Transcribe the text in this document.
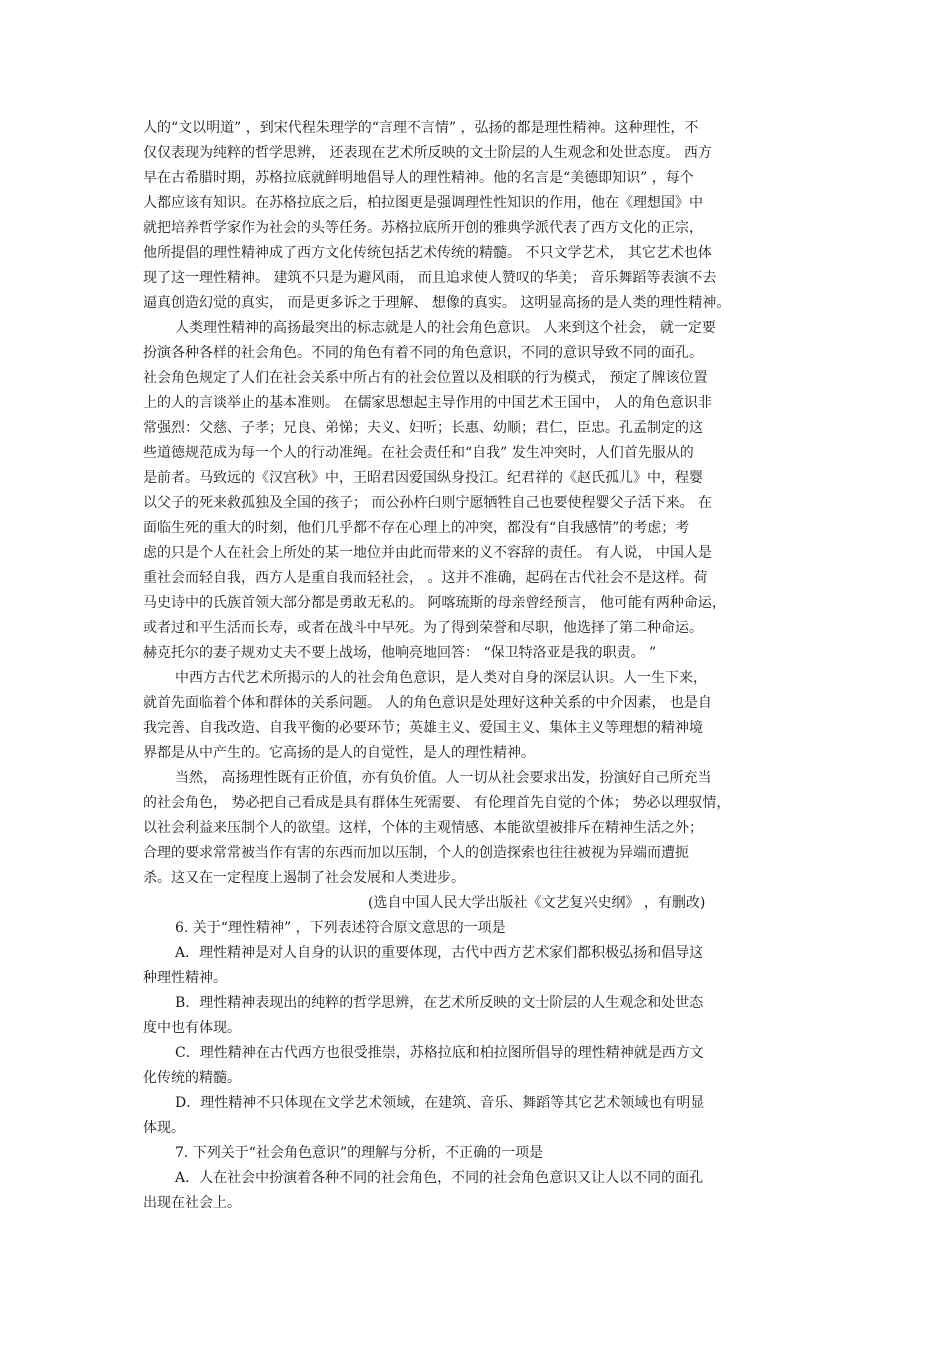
人的“文以明道” ，到宋代程朱理学的“言理不言情” ，弘扬的都是理性精神。这种理性，不
仅仅表现为纯粹的哲学思辨， 还表现在艺术所反映的文士阶层的人生观念和处世态度。 西方
早在古希腊时期，苏格拉底就鲜明地倡导人的理性精神。他的名言是“美德即知识” ，每个
人都应该有知识。在苏格拉底之后，柏拉图更是强调理性性知识的作用，他在《理想国》中
就把培养哲学家作为社会的头等任务。苏格拉底所开创的雅典学派代表了西方文化的正宗，
他所提倡的理性精神成了西方文化传统包括艺术传统的精髓。 不只文学艺术， 其它艺术也体
现了这一理性精神。 建筑不只是为避风雨， 而且追求使人赞叹的华美； 音乐舞蹈等表演不去
逼真创造幻觉的真实， 而是更多诉之于理解、 想像的真实。 这明显高扬的是人类的理性精神。
人类理性精神的高扬最突出的标志就是人的社会角色意识。 人来到这个社会， 就一定要
扮演各种各样的社会角色。不同的角色有着不同的角色意识，不同的意识导致不同的面孔。
社会角色规定了人们在社会关系中所占有的社会位置以及相联的行为模式， 预定了牌该位置
上的人的言谈举止的基本准则。 在儒家思想起主导作用的中国艺术王国中， 人的角色意识非
常强烈：父慈、子孝；兄良、弟悌；夫义、妇听；长惠、幼顺；君仁，臣忠。孔孟制定的这
些道德规范成为每一个人的行动准绳。在社会责任和“自我” 发生冲突时，人们首先服从的
是前者。马致远的《汉宫秋》中，王昭君因爱国纵身投江。纪君祥的《赵氏孤儿》中，程婴
以父子的死来救孤独及全国的孩子； 而公孙杵臼则宁愿牺牲自己也要使程婴父子活下来。 在
面临生死的重大的时刻，他们几乎都不存在心理上的冲突，都没有“自我感情”的考虑；考
虑的只是个人在社会上所处的某一地位并由此而带来的义不容辞的责任。 有人说， 中国人是
重社会而轻自我，西方人是重自我而轻社会， 。这并不准确，起码在古代社会不是这样。荷
马史诗中的氏族首领大部分都是勇敢无私的。 阿喀琉斯的母亲曾经预言， 他可能有两种命运，
或者过和平生活而长寿，或者在战斗中早死。为了得到荣誉和尽职，他选择了第二种命运。
赫克托尔的妻子规劝丈夫不要上战场，他响亮地回答： “保卫特洛亚是我的职责。 ”
中西方古代艺术所揭示的人的社会角色意识，是人类对自身的深层认识。人一生下来，
就首先面临着个体和群体的关系问题。 人的角色意识是处理好这种关系的中介因素， 也是自
我完善、自我改造、自我平衡的必要环节；英雄主义、爱国主义、集体主义等理想的精神境
界都是从中产生的。它高扬的是人的自觉性，是人的理性精神。
当然， 高扬理性既有正价值，亦有负价值。人一切从社会要求出发，扮演好自己所充当
的社会角色， 势必把自己看成是具有群体生死需要、 有伦理首先自觉的个体； 势必以理驭情，
以社会利益来压制个人的欲望。这样，个体的主观情感、本能欲望被排斥在精神生活之外；
合理的要求常常被当作有害的东西而加以压制，个人的创造探索也往往被视为异端而遭扼
杀。这又在一定程度上遏制了社会发展和人类进步。
(选自中国人民大学出版社《文艺复兴史纲》 ，有删改)
6. 关于“理性精神” ，下列表述符合原文意思的一项是
A．理性精神是对人自身的认识的重要体现，古代中西方艺术家们都积极弘扬和倡导这
种理性精神。
B．理性精神表现出的纯粹的哲学思辨，在艺术所反映的文士阶层的人生观念和处世态
度中也有体现。
C．理性精神在古代西方也很受推崇，苏格拉底和柏拉图所倡导的理性精神就是西方文
化传统的精髓。
D．理性精神不只体现在文学艺术领域，在建筑、音乐、舞蹈等其它艺术领域也有明显
体现。
7. 下列关于“社会角色意识”的理解与分析，不正确的一项是
A．人在社会中扮演着各种不同的社会角色，不同的社会角色意识又让人以不同的面孔
出现在社会上。
